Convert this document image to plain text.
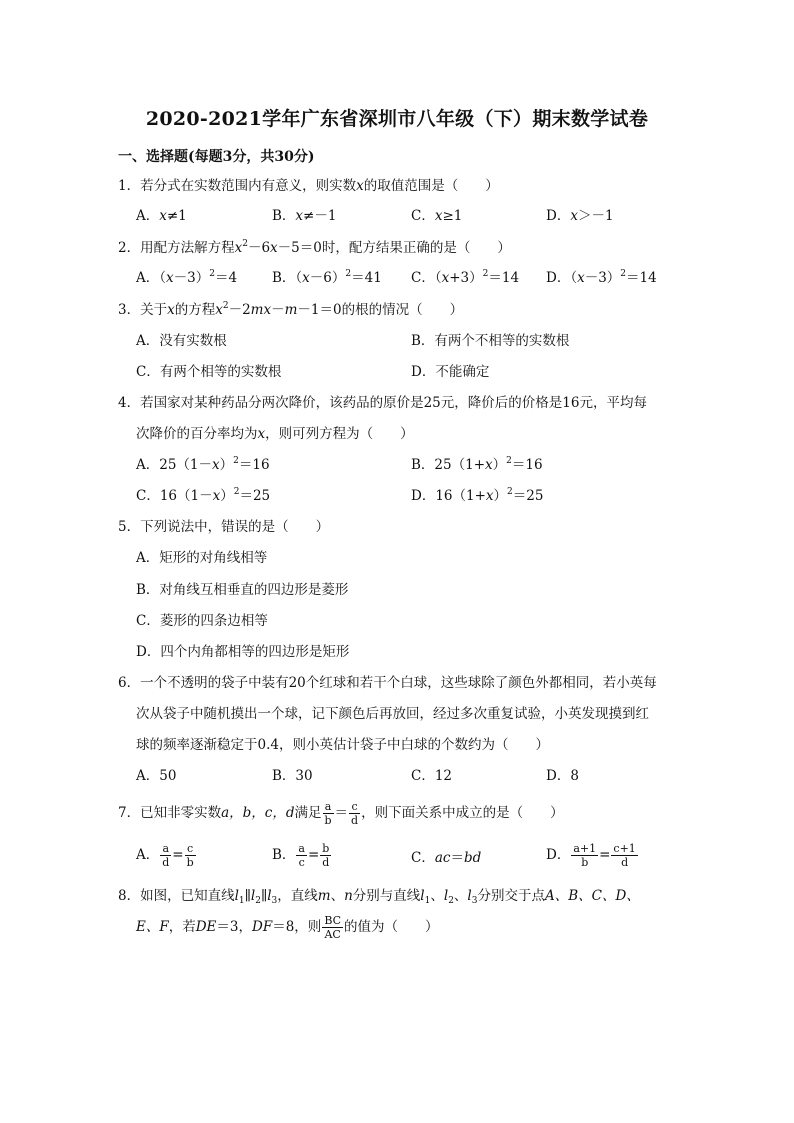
2020-2021学年广东省深圳市八年级（下）期末数学试卷
一、选择题(每题3分，共30分)
1．若分式在实数范围内有意义，则实数x的取值范围是（　　）
A．x≠1	B．x≠－1	C．x≥1	D．x＞－1
2．用配方法解方程$x^2-6x-5=0$时，配方结果正确的是（　　）
A．$(x-3)^2=4$	B．$(x-6)^2=41$ C．$(x+3)^2=14$ D．$(x-3)^2=14$
3．关于x的方程$x^2-2mx-m-1=0$的根的情况（　　）
A．没有实数根	B．有两个不相等的实数根
C．有两个相等的实数根	D．不能确定
4．若国家对某种药品分两次降价，该药品的原价是25元，降价后的价格是16元，平均每
次降价的百分率均为x，则可列方程为（　　）
A．$25(1-x)^2=16$	B．$25(1+x)^2=16$
C．$16(1-x)^2=25$	D．$16(1+x)^2=25$
5．下列说法中，错误的是（　　）
A．矩形的对角线相等
B．对角线互相垂直的四边形是菱形
C．菱形的四条边相等
D．四个内角都相等的四边形是矩形
6．一个不透明的袋子中装有20个红球和若干个白球，这些球除了颜色外都相同，若小英每
次从袋子中随机摸出一个球，记下颜色后再放回，经过多次重复试验，小英发现摸到红
球的频率逐渐稳定于0.4，则小英估计袋子中白球的个数约为（　　）
A．50	B．30	C．12	D．8
7．已知非零实数a，b，c，d满足 $\frac{a}{b} = \frac{c}{d}$ ，则下面关系中成立的是（　　）
A． $\frac{a}{d} = \frac{c}{b}$	B． $\frac{a}{c} = \frac{b}{d}$	C．ac＝bd	D． $\frac{a+1}{b} = \frac{c+1}{d}$
8．如图，已知直线$l_1\parallel l_2\parallel l_3$，直线m、n分别与直线$l_1$、$l_2$、$l_3$分别交于点A、B、C、D、
E、F，若DE＝3，DF＝8，则 $\frac{BC}{AC}$ 的值为（　　）
